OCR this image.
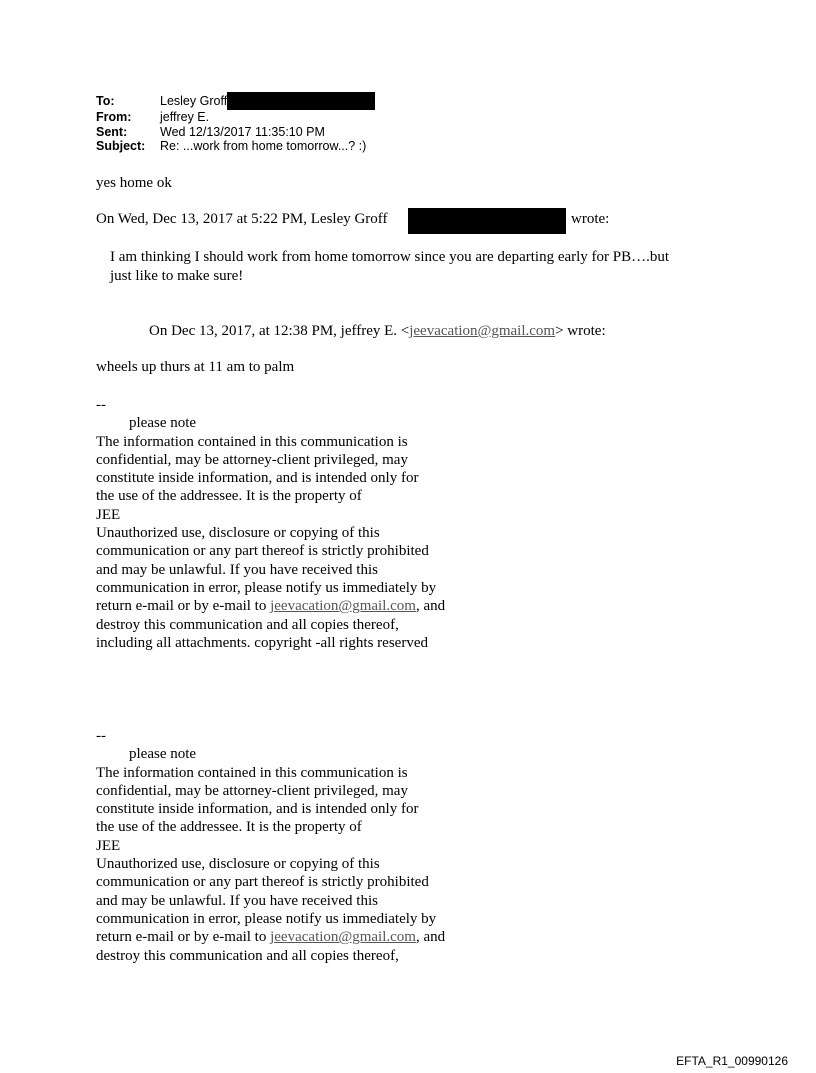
To:	Lesley Groff
From:	jeffrey E.
Sent:	Wed 12/13/2017 11:35:10 PM
Subject:	Re: ...work from home tomorrow...? :)
yes home ok
On Wed, Dec 13, 2017 at 5:22 PM, Lesley Groff	wrote:
I am thinking I should work from home tomorrow since you are departing early for PB….but
just like to make sure!
On Dec 13, 2017, at 12:38 PM, jeffrey E. <jeevacation@gmail.com> wrote:
wheels up thurs at 11 am to palm
--
please note
The information contained in this communication is
confidential, may be attorney-client privileged, may
constitute inside information, and is intended only for
the use of the addressee. It is the property of
JEE
Unauthorized use, disclosure or copying of this
communication or any part thereof is strictly prohibited
and may be unlawful. If you have received this
communication in error, please notify us immediately by
return e-mail or by e-mail to jeevacation@gmail.com, and
destroy this communication and all copies thereof,
including all attachments. copyright -all rights reserved
--
please note
The information contained in this communication is
confidential, may be attorney-client privileged, may
constitute inside information, and is intended only for
the use of the addressee. It is the property of
JEE
Unauthorized use, disclosure or copying of this
communication or any part thereof is strictly prohibited
and may be unlawful. If you have received this
communication in error, please notify us immediately by
return e-mail or by e-mail to jeevacation@gmail.com, and
destroy this communication and all copies thereof,
EFTA_R1_00990126
